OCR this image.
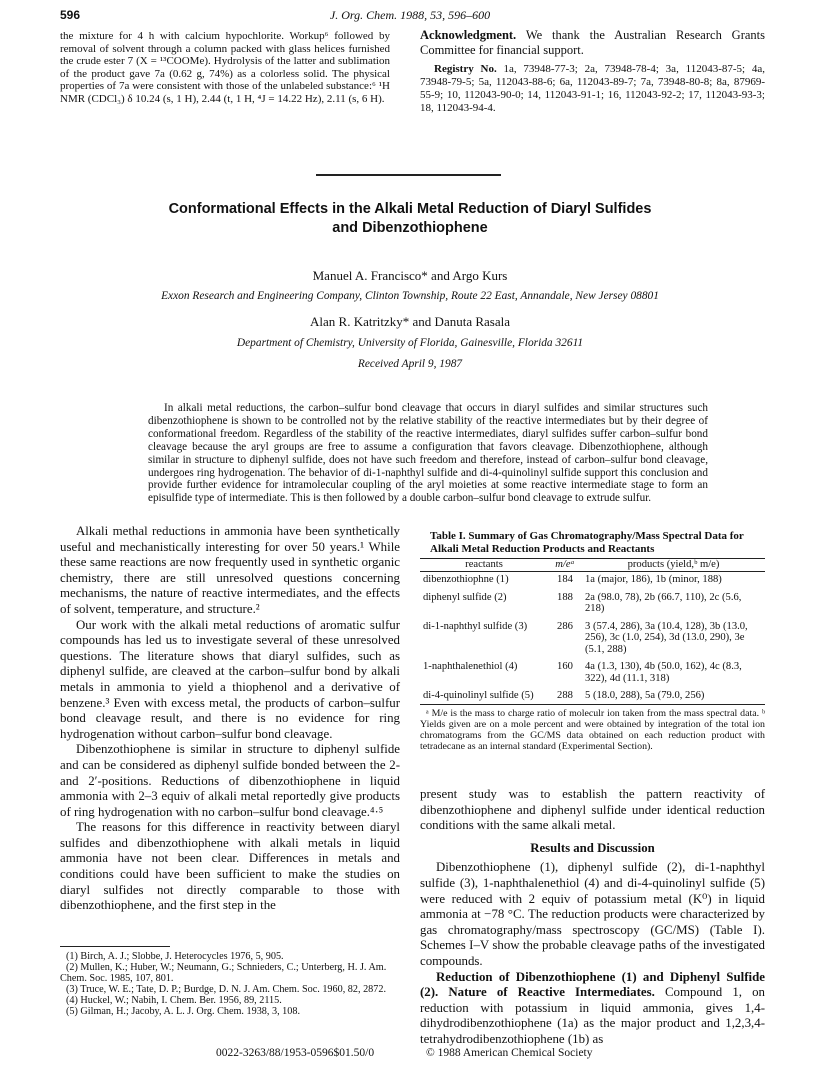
596	J. Org. Chem. 1988, 53, 596–600

the mixture for 4 h with calcium hypochlorite. Workup⁶ followed by removal of solvent through a column packed with glass helices furnished the crude ester 7 (X = ¹³COOMe). Hydrolysis of the latter and sublimation of the product gave 7a (0.62 g, 74%) as a colorless solid. The physical properties of 7a were consistent with those of the unlabeled substance:⁶ ¹H NMR (CDCl₃) δ 10.24 (s, 1 H), 2.44 (t, 1 H, ⁴J = 14.22 Hz), 2.11 (s, 6 H).

Acknowledgment. We thank the Australian Research Grants Committee for financial support.
Registry No. 1a, 73948-77-3; 2a, 73948-78-4; 3a, 112043-87-5; 4a, 73948-79-5; 5a, 112043-88-6; 6a, 112043-89-7; 7a, 73948-80-8; 8a, 87969-55-9; 10, 112043-90-0; 14, 112043-91-1; 16, 112043-92-2; 17, 112043-93-3; 18, 112043-94-4.
Conformational Effects in the Alkali Metal Reduction of Diaryl Sulfides
and Dibenzothiophene
Manuel A. Francisco* and Argo Kurs
Exxon Research and Engineering Company, Clinton Township, Route 22 East, Annandale, New Jersey 08801
Alan R. Katritzky* and Danuta Rasala
Department of Chemistry, University of Florida, Gainesville, Florida 32611
Received April 9, 1987

In alkali metal reductions, the carbon–sulfur bond cleavage that occurs in diaryl sulfides and similar structures such dibenzothiophene is shown to be controlled not by the relative stability of the reactive intermediates but by their degree of conformational freedom. Regardless of the stability of the reactive intermediates, diaryl sulfides suffer carbon–sulfur bond cleavage because the aryl groups are free to assume a configuration that favors cleavage. Dibenzothiophene, although similar in structure to diphenyl sulfide, does not have such freedom and therefore, instead of carbon–sulfur bond cleavage, undergoes ring hydrogenation. The behavior of di-1-naphthyl sulfide and di-4-quinolinyl sulfide support this conclusion and provide further evidence for intramolecular coupling of the aryl moieties at some reactive intermediate stage to form an episulfide type of intermediate. This is then followed by a double carbon–sulfur bond cleavage to extrude sulfur.

Alkali methal reductions in ammonia have been synthetically useful and mechanistically interesting for over 50 years.¹ While these same reactions are now frequently used in synthetic organic chemistry, there are still unresolved questions concerning mechanisms, the nature of reactive intermediates, and the effects of solvent, temperature, and structure.²

Our work with the alkali metal reductions of aromatic sulfur compounds has led us to investigate several of these unresolved questions. The literature shows that diaryl sulfides, such as diphenyl sulfide, are cleaved at the carbon–sulfur bond by alkali metals in ammonia to yield a thiophenol and a derivative of benzene.³ Even with excess metal, the products of carbon–sulfur bond cleavage result, and there is no evidence for ring hydrogenation without carbon–sulfur bond cleavage.

Dibenzothiophene is similar in structure to diphenyl sulfide and can be considered as diphenyl sulfide bonded between the 2- and 2′-positions. Reductions of dibenzothiophene in liquid ammonia with 2–3 equiv of alkali metal reportedly give products of ring hydrogenation with no carbon–sulfur bond cleavage.⁴·⁵

The reasons for this difference in reactivity between diaryl sulfides and dibenzothiophene with alkali metals in liquid ammonia have not been clear. Differences in metals and conditions could have been sufficient to make the studies on diaryl sulfides not directly comparable to those with dibenzothiophene, and the first step in the

(1) Birch, A. J.; Slobbe, J. Heterocycles 1976, 5, 905.

(2) Mullen, K.; Huber, W.; Neumann, G.; Schnieders, C.; Unterberg, H. J. Am. Chem. Soc. 1985, 107, 801.

(3) Truce, W. E.; Tate, D. P.; Burdge, D. N. J. Am. Chem. Soc. 1960, 82, 2872.

(4) Huckel, W.; Nabih, I. Chem. Ber. 1956, 89, 2115.

(5) Gilman, H.; Jacoby, A. L. J. Org. Chem. 1938, 3, 108.

Table I. Summary of Gas Chromatography/Mass Spectral Data for Alkali Metal Reduction Products and Reactants
reactants	m/eᵃ	products (yield,ᵇ m/e)

dibenzothiophne (1)	184	1a (major, 186), 1b (minor, 188)
diphenyl sulfide (2)	188	2a (98.0, 78), 2b (66.7, 110), 2c (5.6, 218)
di-1-naphthyl sulfide (3)	286	3 (57.4, 286), 3a (10.4, 128), 3b (13.0, 256), 3c (1.0, 254), 3d (13.0, 290), 3e (5.1, 288)
1-naphthalenethiol (4)	160	4a (1.3, 130), 4b (50.0, 162), 4c (8.3, 322), 4d (11.1, 318)
di-4-quinolinyl sulfide (5)	288	5 (18.0, 288), 5a (79.0, 256)
ᵃ M/e is the mass to charge ratio of moleculr ion taken from the mass spectral data. ᵇ Yields given are on a mole percent and were obtained by integration of the total ion chromatograms from the GC/MS data obtained on each reduction product with tetradecane as an internal standard (Experimental Section).

present study was to establish the pattern reactivity of dibenzothiophene and diphenyl sulfide under identical reduction conditions with the same alkali metal.

Results and Discussion

Dibenzothiophene (1), diphenyl sulfide (2), di-1-naphthyl sulfide (3), 1-naphthalenethiol (4) and di-4-quinolinyl sulfide (5) were reduced with 2 equiv of potassium metal (K⁰) in liquid ammonia at −78 °C. The reduction products were characterized by gas chromatography/mass spectroscopy (GC/MS) (Table I). Schemes I–V show the probable cleavage paths of the investigated compounds.

Reduction of Dibenzothiophene (1) and Diphenyl Sulfide (2). Nature of Reactive Intermediates. Compound 1, on reduction with potassium in liquid ammonia, gives 1,4-dihydrodibenzothiophene (1a) as the major product and 1,2,3,4-tetrahydrodibenzothiophene (1b) as

0022-3263/88/1953-0596$01.50/0	© 1988 American Chemical Society
